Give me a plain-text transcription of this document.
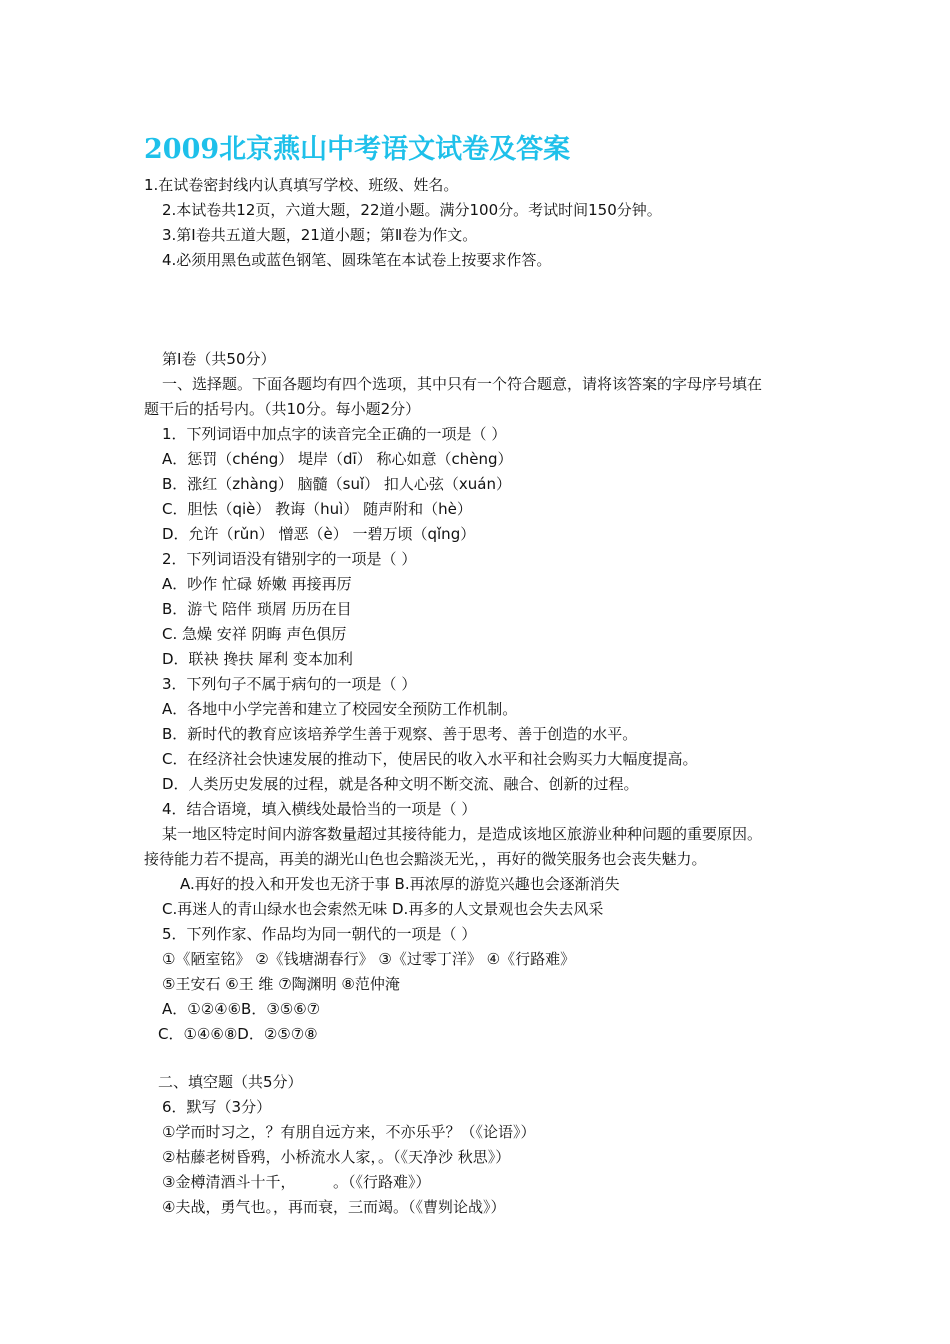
2009北京燕山中考语文试卷及答案
1.在试卷密封线内认真填写学校、班级、姓名。
2.本试卷共12页，六道大题，22道小题。满分100分。考试时间150分钟。
3.第Ⅰ卷共五道大题，21道小题；第Ⅱ卷为作文。
4.必须用黑色或蓝色钢笔、圆珠笔在本试卷上按要求作答。
第Ⅰ卷（共50分）
一、选择题。下面各题均有四个选项，其中只有一个符合题意，请将该答案的字母序号填在
题干后的括号内。（共10分。每小题2分）
1．下列词语中加点字的读音完全正确的一项是（ ）
A．惩罚（chéng） 堤岸（dī） 称心如意（chèng）
B．涨红（zhàng） 脑髓（suǐ） 扣人心弦（xuán）
C．胆怯（qiè） 教诲（huì） 随声附和（hè）
D．允许（rǔn） 憎恶（è） 一碧万顷（qǐng）
2．下列词语没有错别字的一项是（ ）
A．吵作 忙碌 娇嫩 再接再厉
B．游弋 陪伴 琐屑 历历在目
C. 急燥 安祥 阴晦 声色俱厉
D．联袂 搀扶 犀利 变本加利
3．下列句子不属于病句的一项是（ ）
A．各地中小学完善和建立了校园安全预防工作机制。
B．新时代的教育应该培养学生善于观察、善于思考、善于创造的水平。
C．在经济社会快速发展的推动下，使居民的收入水平和社会购买力大幅度提高。
D．人类历史发展的过程，就是各种文明不断交流、融合、创新的过程。
4．结合语境，填入横线处最恰当的一项是（ ）
某一地区特定时间内游客数量超过其接待能力，是造成该地区旅游业种种问题的重要原因。
接待能力若不提高，再美的湖光山色也会黯淡无光，，再好的微笑服务也会丧失魅力。
A.再好的投入和开发也无济于事 B.再浓厚的游览兴趣也会逐渐消失
C.再迷人的青山绿水也会索然无味 D.再多的人文景观也会失去风采
5．下列作家、作品均为同一朝代的一项是（ ）
①《陋室铭》 ②《钱塘湖春行》 ③《过零丁洋》 ④《行路难》
⑤王安石 ⑥王 维 ⑦陶渊明 ⑧范仲淹
A．①②④⑥B．③⑤⑥⑦
C．①④⑥⑧D．②⑤⑦⑧
二、填空题（共5分）
6．默写（3分）
①学而时习之，？有朋自远方来，不亦乐乎？（《论语》）
②枯藤老树昏鸦，小桥流水人家，。（《天净沙 秋思》）
③金樽清酒斗十千，　　　。（《行路难》）
④夫战，勇气也。，再而衰，三而竭。（《曹刿论战》）
